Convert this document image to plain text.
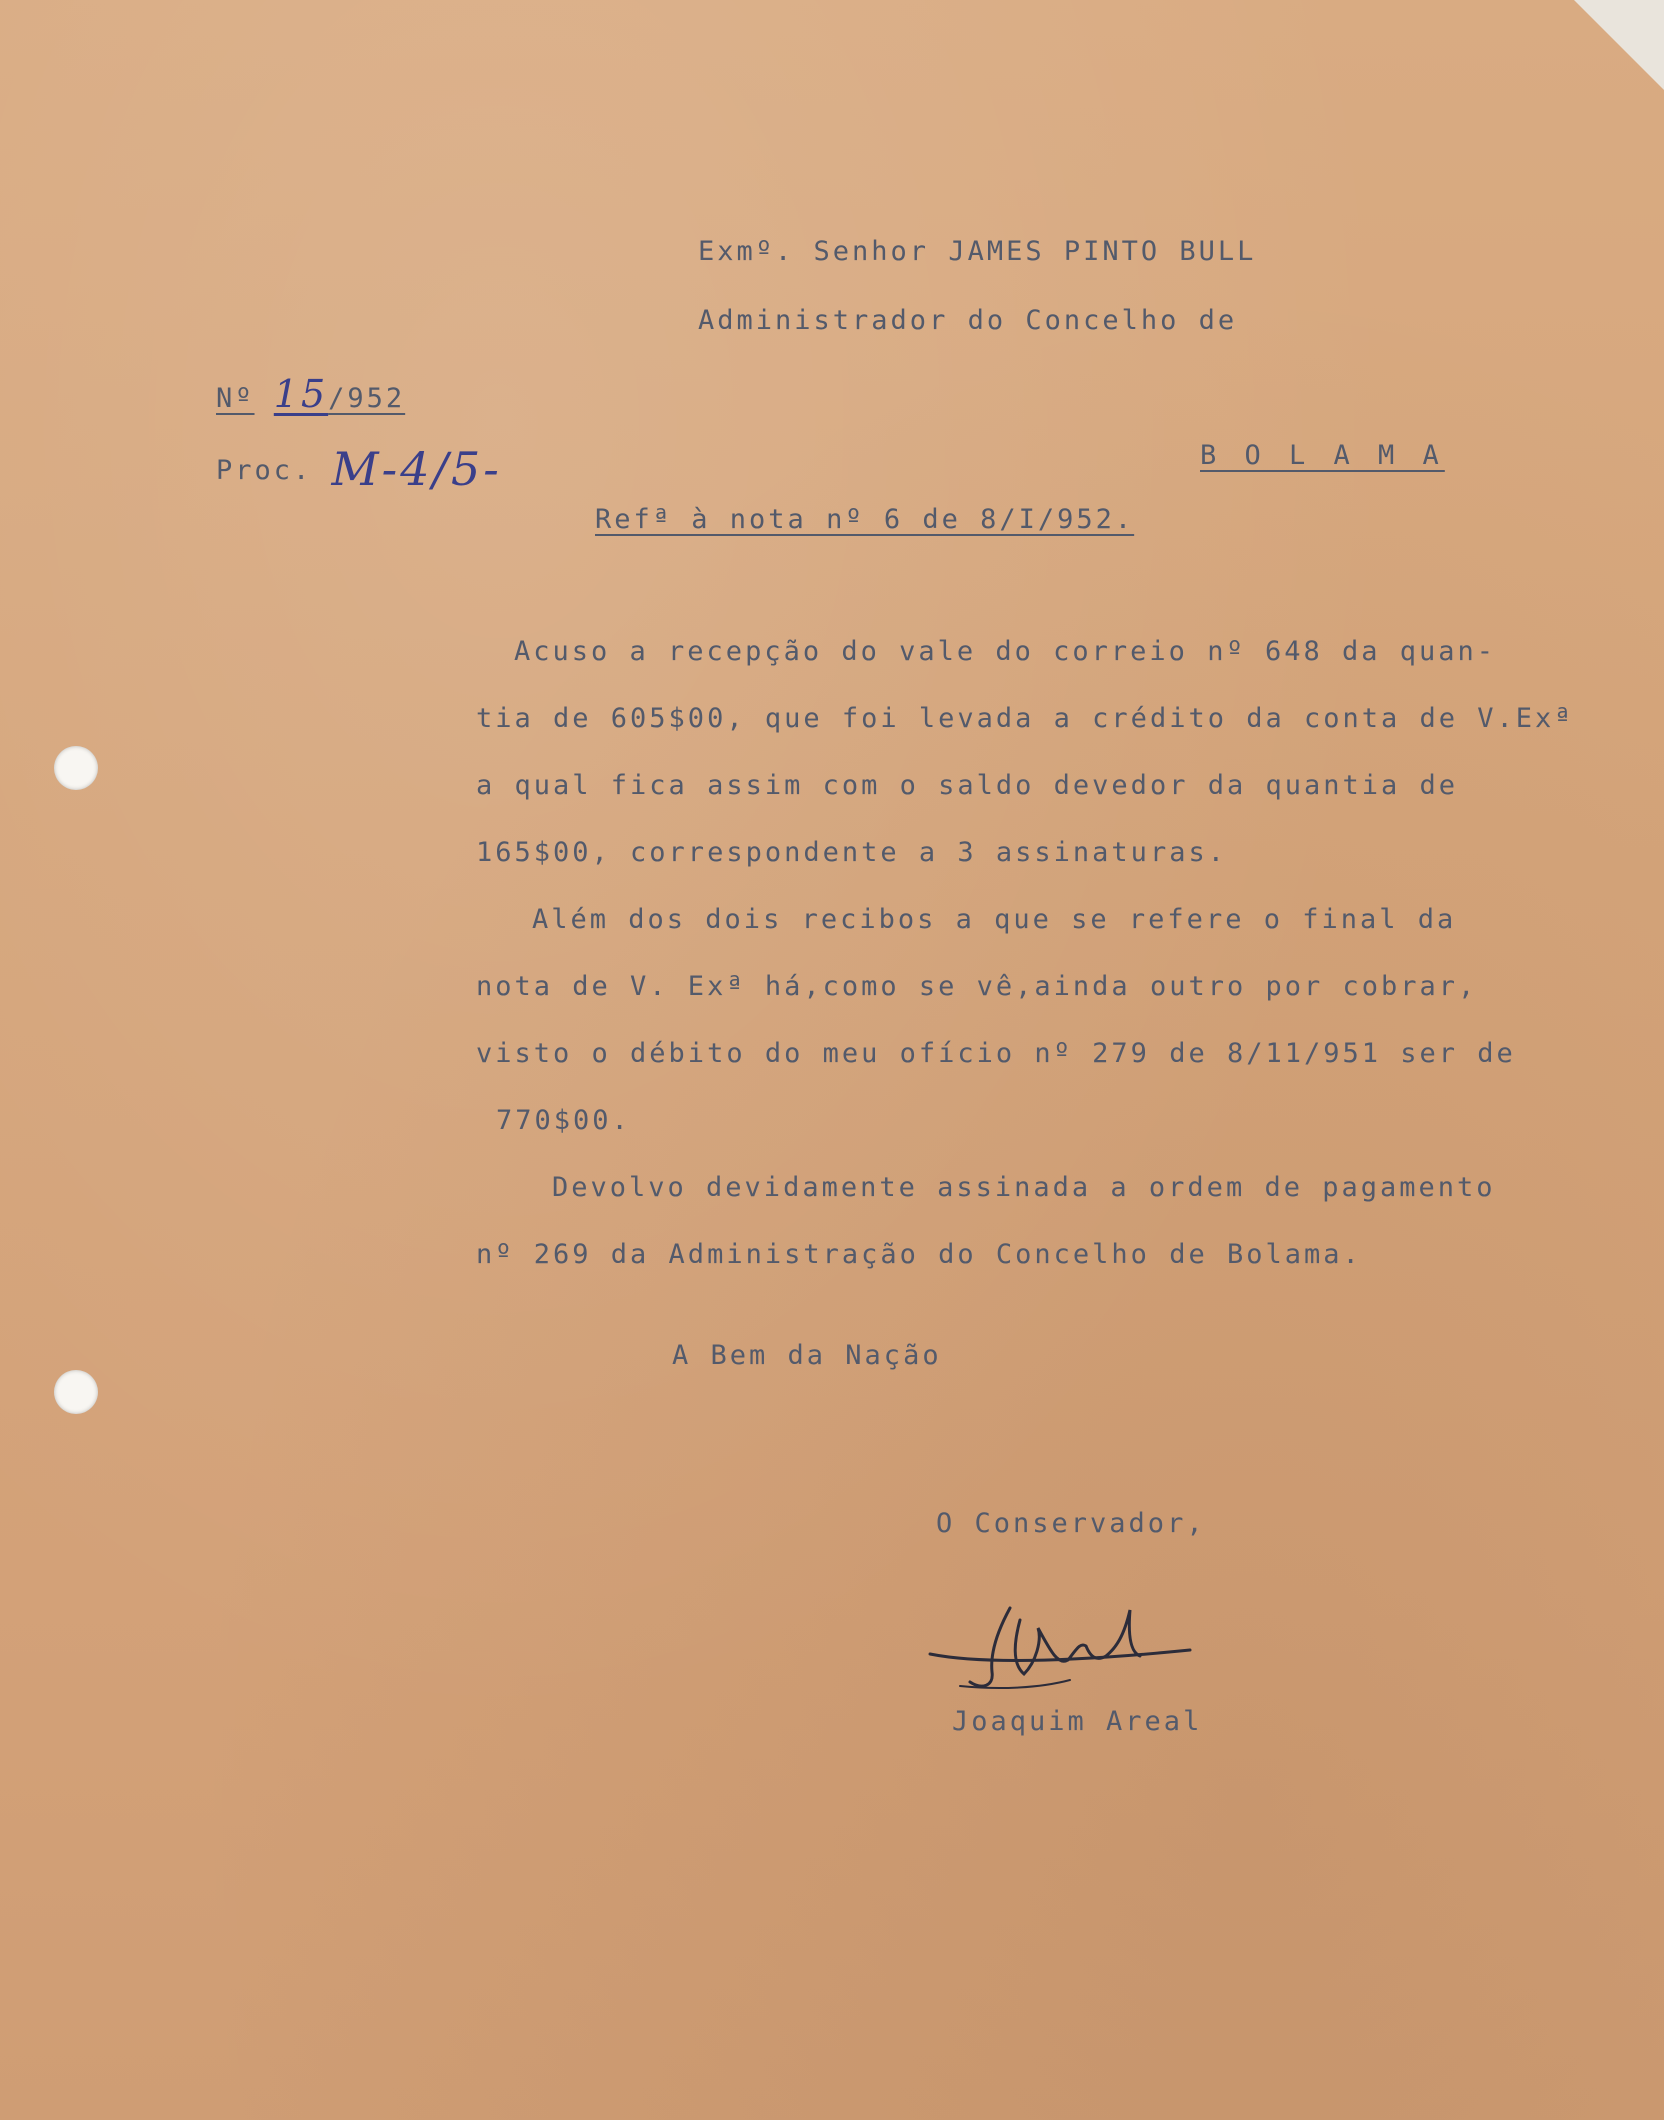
Exmº. Senhor JAMES PINTO BULL
Administrador do Concelho de
B O L A M A
Nº 15/952
Proc. M-4/5-
Refª à nota nº 6 de 8/I/952.
Acuso a recepção do vale do correio nº 648 da quan-
tia de 605$00, que foi levada a crédito da conta de V.Exª
a qual fica assim com o saldo devedor da quantia de
165$00, correspondente a 3 assinaturas.
Além dos dois recibos a que se refere o final da
nota de V. Exª há,como se vê,ainda outro por cobrar,
visto o débito do meu ofício nº 279 de 8/11/951 ser de
770$00.
Devolvo devidamente assinada a ordem de pagamento
nº 269 da Administração do Concelho de Bolama.
A Bem da Nação
O Conservador,
Joaquim Areal
